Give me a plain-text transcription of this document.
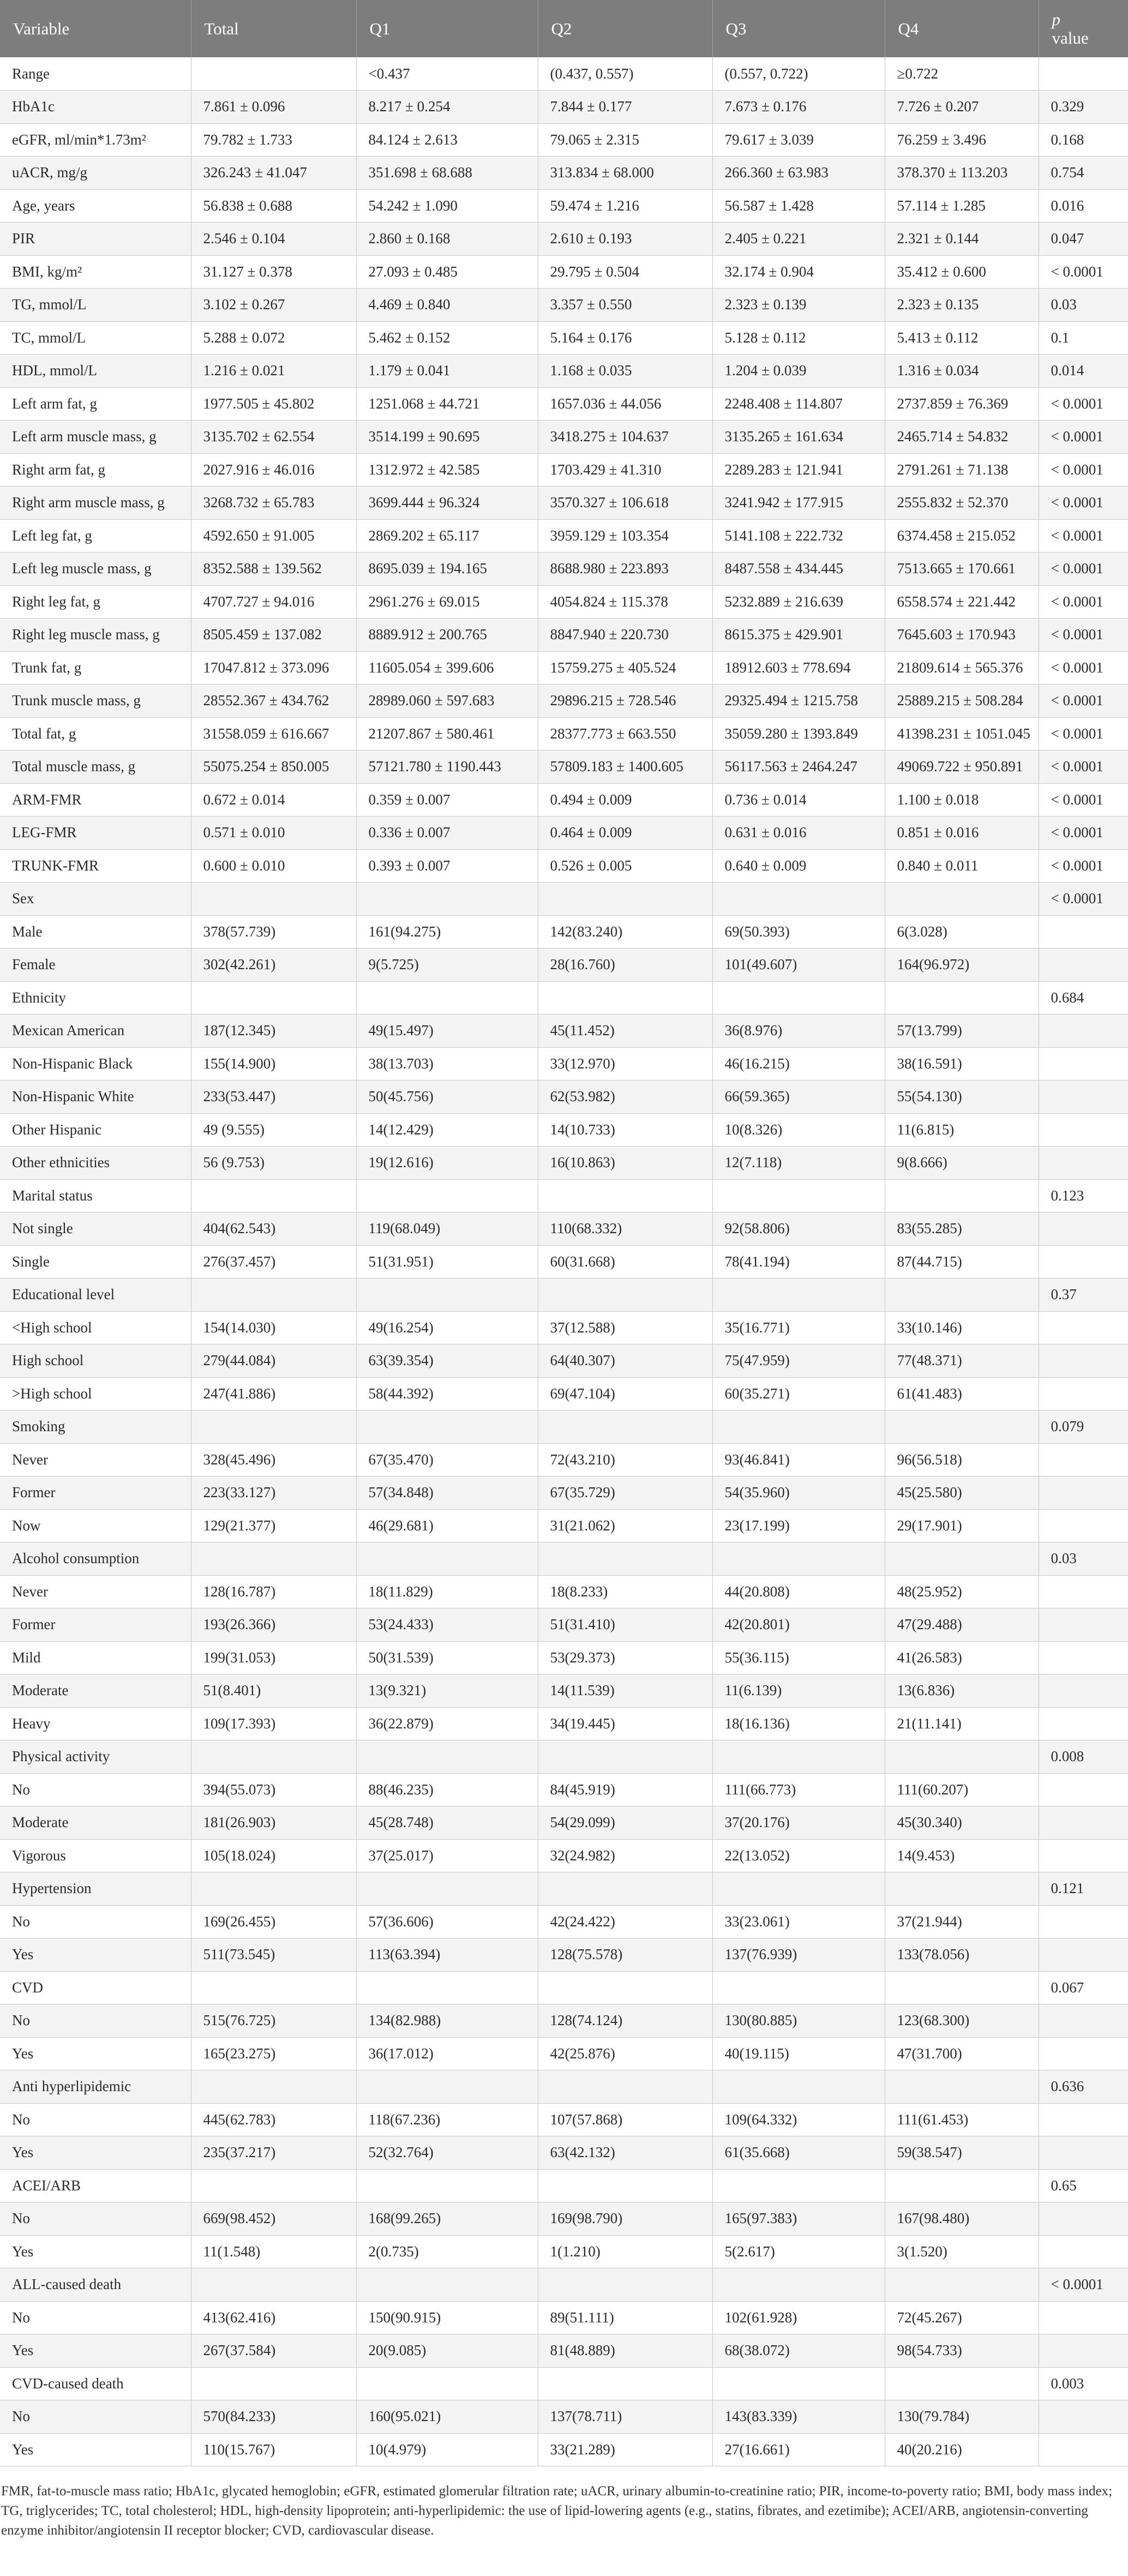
Variable	Total	Q1	Q2	Q3	Q4	p
value

Range		<0.437	(0.437, 0.557)	(0.557, 0.722)	≥0.722	
HbA1c	7.861 ± 0.096	8.217 ± 0.254	7.844 ± 0.177	7.673 ± 0.176	7.726 ± 0.207	0.329
eGFR, ml/min*1.73m²	79.782 ± 1.733	84.124 ± 2.613	79.065 ± 2.315	79.617 ± 3.039	76.259 ± 3.496	0.168
uACR, mg/g	326.243 ± 41.047	351.698 ± 68.688	313.834 ± 68.000	266.360 ± 63.983	378.370 ± 113.203	0.754
Age, years	56.838 ± 0.688	54.242 ± 1.090	59.474 ± 1.216	56.587 ± 1.428	57.114 ± 1.285	0.016
PIR	2.546 ± 0.104	2.860 ± 0.168	2.610 ± 0.193	2.405 ± 0.221	2.321 ± 0.144	0.047
BMI, kg/m²	31.127 ± 0.378	27.093 ± 0.485	29.795 ± 0.504	32.174 ± 0.904	35.412 ± 0.600	< 0.0001
TG, mmol/L	3.102 ± 0.267	4.469 ± 0.840	3.357 ± 0.550	2.323 ± 0.139	2.323 ± 0.135	0.03
TC, mmol/L	5.288 ± 0.072	5.462 ± 0.152	5.164 ± 0.176	5.128 ± 0.112	5.413 ± 0.112	0.1
HDL, mmol/L	1.216 ± 0.021	1.179 ± 0.041	1.168 ± 0.035	1.204 ± 0.039	1.316 ± 0.034	0.014
Left arm fat, g	1977.505 ± 45.802	1251.068 ± 44.721	1657.036 ± 44.056	2248.408 ± 114.807	2737.859 ± 76.369	< 0.0001
Left arm muscle mass, g	3135.702 ± 62.554	3514.199 ± 90.695	3418.275 ± 104.637	3135.265 ± 161.634	2465.714 ± 54.832	< 0.0001
Right arm fat, g	2027.916 ± 46.016	1312.972 ± 42.585	1703.429 ± 41.310	2289.283 ± 121.941	2791.261 ± 71.138	< 0.0001
Right arm muscle mass, g	3268.732 ± 65.783	3699.444 ± 96.324	3570.327 ± 106.618	3241.942 ± 177.915	2555.832 ± 52.370	< 0.0001
Left leg fat, g	4592.650 ± 91.005	2869.202 ± 65.117	3959.129 ± 103.354	5141.108 ± 222.732	6374.458 ± 215.052	< 0.0001
Left leg muscle mass, g	8352.588 ± 139.562	8695.039 ± 194.165	8688.980 ± 223.893	8487.558 ± 434.445	7513.665 ± 170.661	< 0.0001
Right leg fat, g	4707.727 ± 94.016	2961.276 ± 69.015	4054.824 ± 115.378	5232.889 ± 216.639	6558.574 ± 221.442	< 0.0001
Right leg muscle mass, g	8505.459 ± 137.082	8889.912 ± 200.765	8847.940 ± 220.730	8615.375 ± 429.901	7645.603 ± 170.943	< 0.0001
Trunk fat, g	17047.812 ± 373.096	11605.054 ± 399.606	15759.275 ± 405.524	18912.603 ± 778.694	21809.614 ± 565.376	< 0.0001
Trunk muscle mass, g	28552.367 ± 434.762	28989.060 ± 597.683	29896.215 ± 728.546	29325.494 ± 1215.758	25889.215 ± 508.284	< 0.0001
Total fat, g	31558.059 ± 616.667	21207.867 ± 580.461	28377.773 ± 663.550	35059.280 ± 1393.849	41398.231 ± 1051.045	< 0.0001
Total muscle mass, g	55075.254 ± 850.005	57121.780 ± 1190.443	57809.183 ± 1400.605	56117.563 ± 2464.247	49069.722 ± 950.891	< 0.0001
ARM-FMR	0.672 ± 0.014	0.359 ± 0.007	0.494 ± 0.009	0.736 ± 0.014	1.100 ± 0.018	< 0.0001
LEG-FMR	0.571 ± 0.010	0.336 ± 0.007	0.464 ± 0.009	0.631 ± 0.016	0.851 ± 0.016	< 0.0001
TRUNK-FMR	0.600 ± 0.010	0.393 ± 0.007	0.526 ± 0.005	0.640 ± 0.009	0.840 ± 0.011	< 0.0001
Sex						< 0.0001
Male	378(57.739)	161(94.275)	142(83.240)	69(50.393)	6(3.028)	
Female	302(42.261)	9(5.725)	28(16.760)	101(49.607)	164(96.972)	
Ethnicity						0.684
Mexican American	187(12.345)	49(15.497)	45(11.452)	36(8.976)	57(13.799)	
Non-Hispanic Black	155(14.900)	38(13.703)	33(12.970)	46(16.215)	38(16.591)	
Non-Hispanic White	233(53.447)	50(45.756)	62(53.982)	66(59.365)	55(54.130)	
Other Hispanic	49 (9.555)	14(12.429)	14(10.733)	10(8.326)	11(6.815)	
Other ethnicities	56 (9.753)	19(12.616)	16(10.863)	12(7.118)	9(8.666)	
Marital status						0.123
Not single	404(62.543)	119(68.049)	110(68.332)	92(58.806)	83(55.285)	
Single	276(37.457)	51(31.951)	60(31.668)	78(41.194)	87(44.715)	
Educational level						0.37
<High school	154(14.030)	49(16.254)	37(12.588)	35(16.771)	33(10.146)	
High school	279(44.084)	63(39.354)	64(40.307)	75(47.959)	77(48.371)	
>High school	247(41.886)	58(44.392)	69(47.104)	60(35.271)	61(41.483)	
Smoking						0.079
Never	328(45.496)	67(35.470)	72(43.210)	93(46.841)	96(56.518)	
Former	223(33.127)	57(34.848)	67(35.729)	54(35.960)	45(25.580)	
Now	129(21.377)	46(29.681)	31(21.062)	23(17.199)	29(17.901)	
Alcohol consumption						0.03
Never	128(16.787)	18(11.829)	18(8.233)	44(20.808)	48(25.952)	
Former	193(26.366)	53(24.433)	51(31.410)	42(20.801)	47(29.488)	
Mild	199(31.053)	50(31.539)	53(29.373)	55(36.115)	41(26.583)	
Moderate	51(8.401)	13(9.321)	14(11.539)	11(6.139)	13(6.836)	
Heavy	109(17.393)	36(22.879)	34(19.445)	18(16.136)	21(11.141)	
Physical activity						0.008
No	394(55.073)	88(46.235)	84(45.919)	111(66.773)	111(60.207)	
Moderate	181(26.903)	45(28.748)	54(29.099)	37(20.176)	45(30.340)	
Vigorous	105(18.024)	37(25.017)	32(24.982)	22(13.052)	14(9.453)	
Hypertension						0.121
No	169(26.455)	57(36.606)	42(24.422)	33(23.061)	37(21.944)	
Yes	511(73.545)	113(63.394)	128(75.578)	137(76.939)	133(78.056)	
CVD						0.067
No	515(76.725)	134(82.988)	128(74.124)	130(80.885)	123(68.300)	
Yes	165(23.275)	36(17.012)	42(25.876)	40(19.115)	47(31.700)	
Anti hyperlipidemic						0.636
No	445(62.783)	118(67.236)	107(57.868)	109(64.332)	111(61.453)	
Yes	235(37.217)	52(32.764)	63(42.132)	61(35.668)	59(38.547)	
ACEI/ARB						0.65
No	669(98.452)	168(99.265)	169(98.790)	165(97.383)	167(98.480)	
Yes	11(1.548)	2(0.735)	1(1.210)	5(2.617)	3(1.520)	
ALL-caused death						< 0.0001
No	413(62.416)	150(90.915)	89(51.111)	102(61.928)	72(45.267)	
Yes	267(37.584)	20(9.085)	81(48.889)	68(38.072)	98(54.733)	
CVD-caused death						0.003
No	570(84.233)	160(95.021)	137(78.711)	143(83.339)	130(79.784)	
Yes	110(15.767)	10(4.979)	33(21.289)	27(16.661)	40(20.216)	
FMR, fat-to-muscle mass ratio; HbA1c, glycated hemoglobin; eGFR, estimated glomerular filtration rate; uACR, urinary albumin-to-creatinine ratio; PIR, income-to-poverty ratio; BMI, body mass index; TG, triglycerides; TC, total cholesterol; HDL, high-density lipoprotein; anti-hyperlipidemic: the use of lipid-lowering agents (e.g., statins, fibrates, and ezetimibe); ACEI/ARB, angiotensin-converting enzyme inhibitor/angiotensin II receptor blocker; CVD, cardiovascular disease.
